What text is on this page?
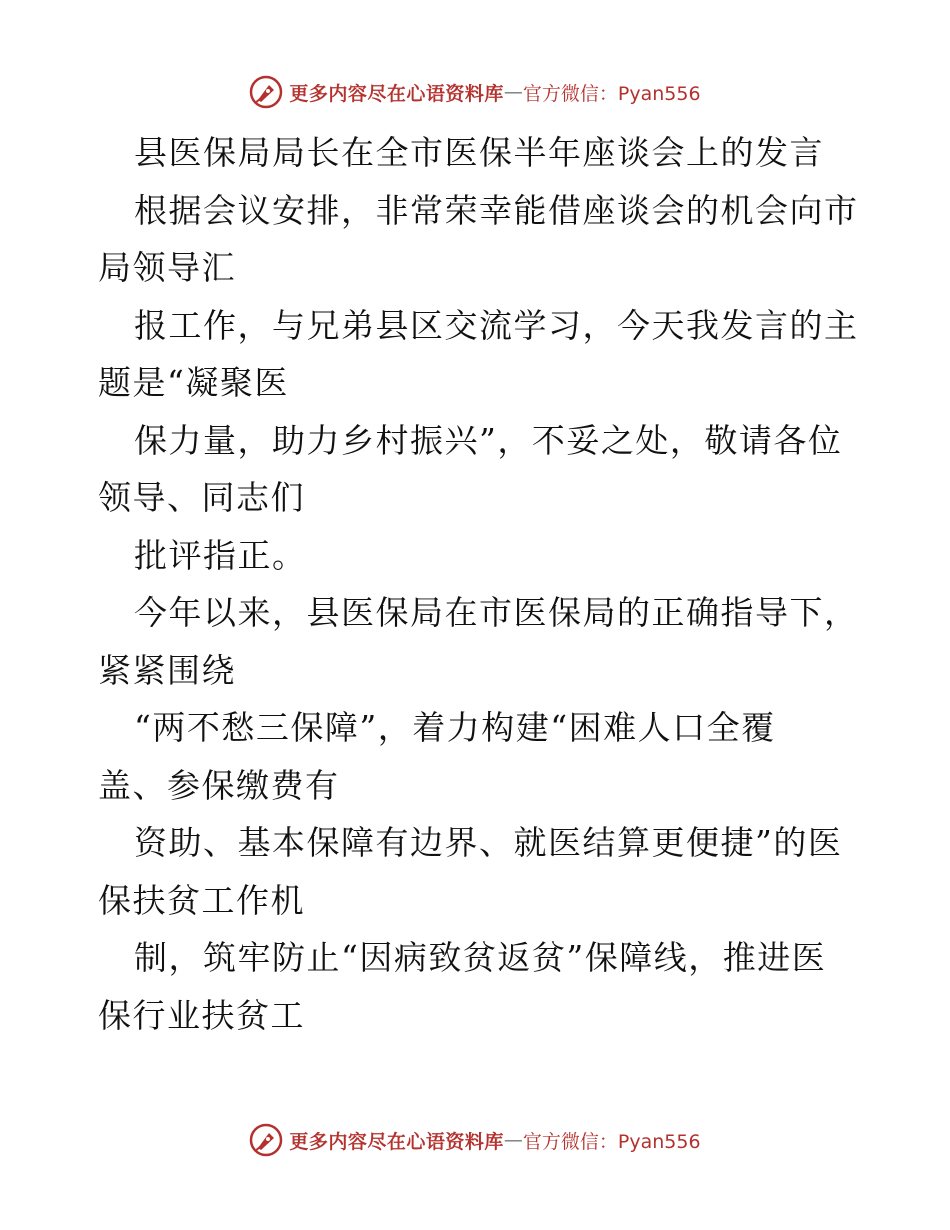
更多内容尽在心语资料库 — 官方微信：Pyan556
县医保局局长在全市医保半年座谈会上的发言

根据会议安排，非常荣幸能借座谈会的机会向市
局领导汇

报工作，与兄弟县区交流学习，今天我发言的主
题是“凝聚医

保力量，助力乡村振兴”，不妥之处，敬请各位
领导、同志们

批评指正。

今年以来，县医保局在市医保局的正确指导下，
紧紧围绕

“两不愁三保障”，着力构建“困难人口全覆
盖、参保缴费有

资助、基本保障有边界、就医结算更便捷”的医
保扶贫工作机

制，筑牢防止“因病致贫返贫”保障线，推进医
保行业扶贫工

更多内容尽在心语资料库 — 官方微信：Pyan556
